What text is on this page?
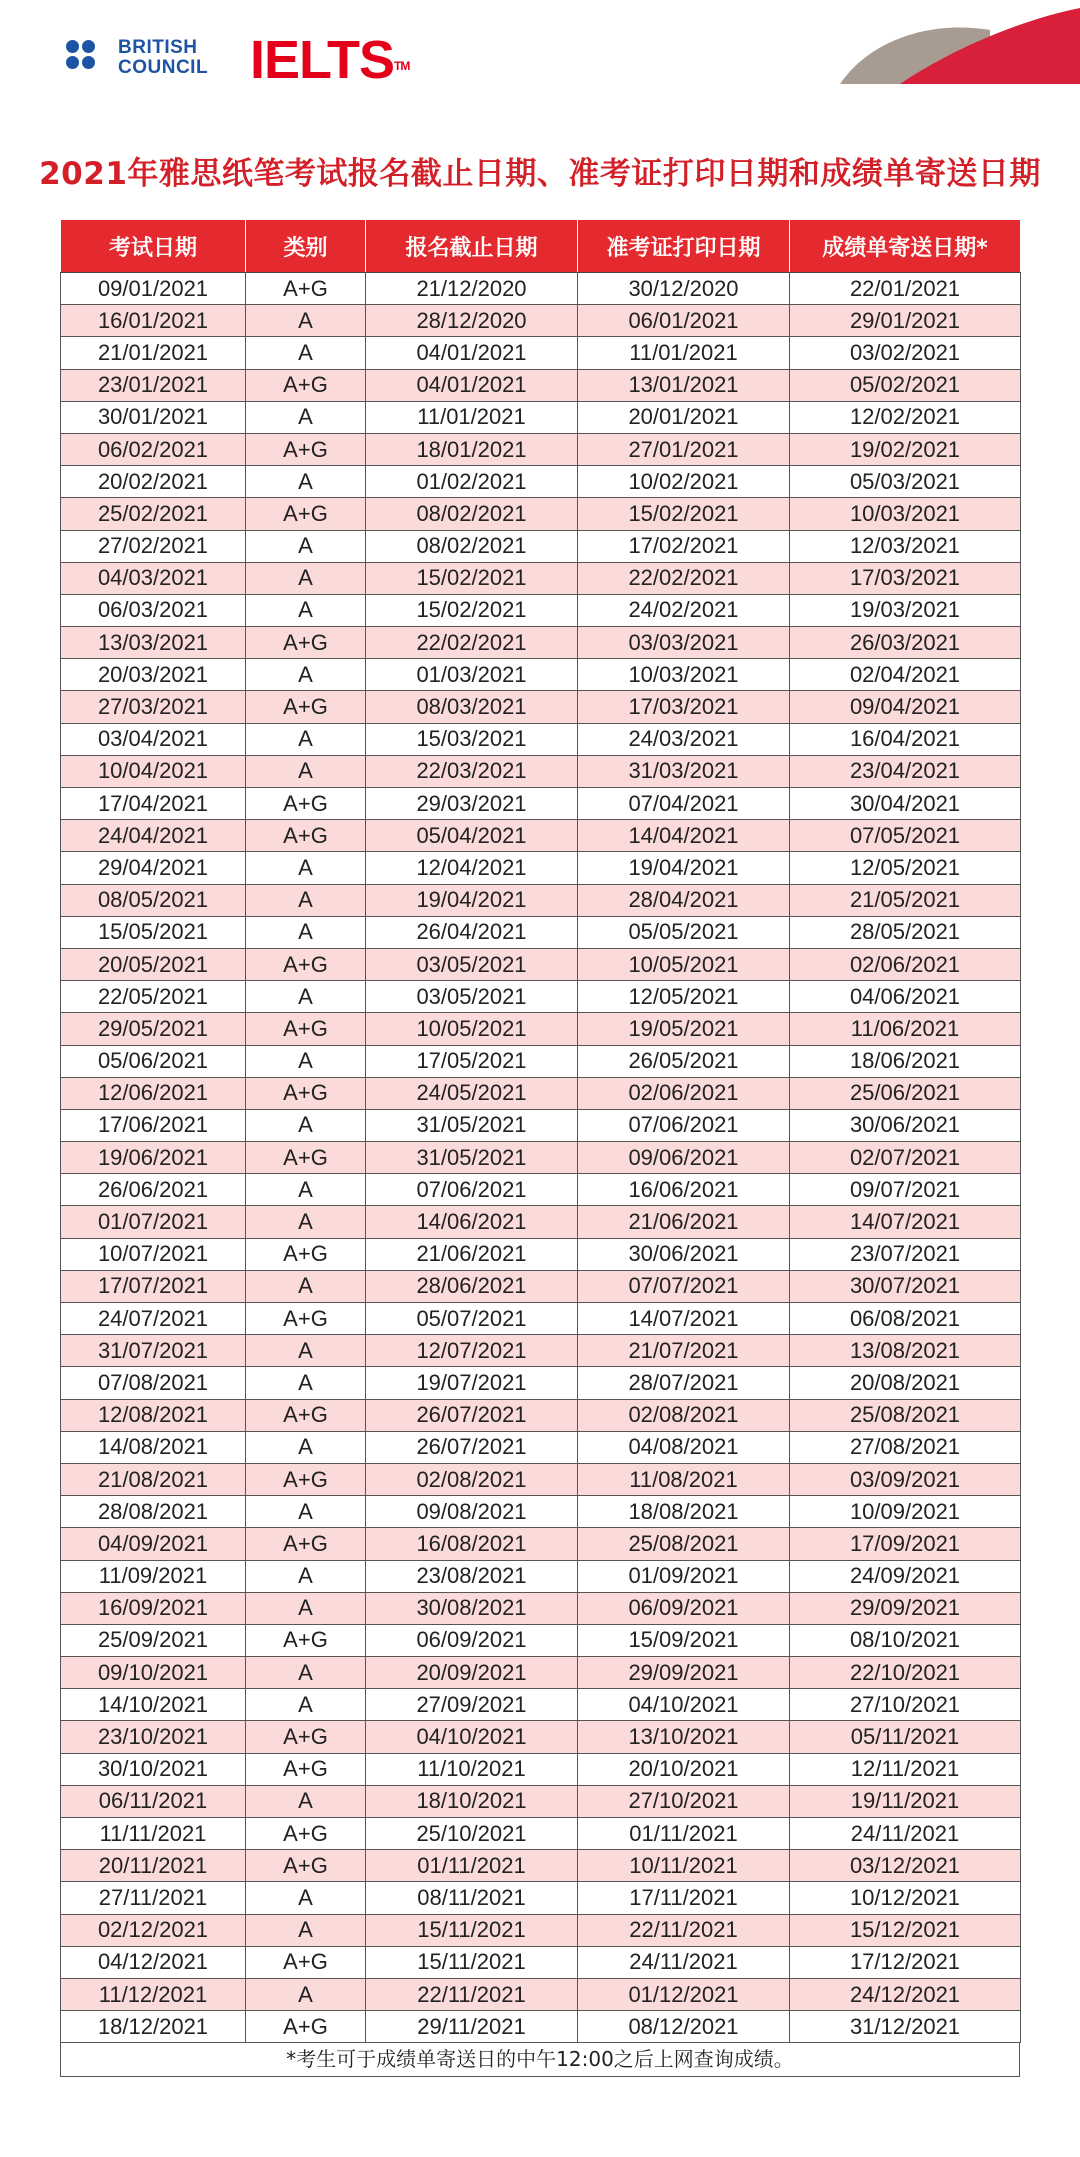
BRITISH
COUNCIL IELTS™
2021年雅思纸笔考试报名截止日期、准考证打印日期和成绩单寄送日期
考试日期	类别	报名截止日期	准考证打印日期	成绩单寄送日期*
09/01/2021	A+G	21/12/2020	30/12/2020	22/01/2021
16/01/2021	A	28/12/2020	06/01/2021	29/01/2021
21/01/2021	A	04/01/2021	11/01/2021	03/02/2021
23/01/2021	A+G	04/01/2021	13/01/2021	05/02/2021
30/01/2021	A	11/01/2021	20/01/2021	12/02/2021
06/02/2021	A+G	18/01/2021	27/01/2021	19/02/2021
20/02/2021	A	01/02/2021	10/02/2021	05/03/2021
25/02/2021	A+G	08/02/2021	15/02/2021	10/03/2021
27/02/2021	A	08/02/2021	17/02/2021	12/03/2021
04/03/2021	A	15/02/2021	22/02/2021	17/03/2021
06/03/2021	A	15/02/2021	24/02/2021	19/03/2021
13/03/2021	A+G	22/02/2021	03/03/2021	26/03/2021
20/03/2021	A	01/03/2021	10/03/2021	02/04/2021
27/03/2021	A+G	08/03/2021	17/03/2021	09/04/2021
03/04/2021	A	15/03/2021	24/03/2021	16/04/2021
10/04/2021	A	22/03/2021	31/03/2021	23/04/2021
17/04/2021	A+G	29/03/2021	07/04/2021	30/04/2021
24/04/2021	A+G	05/04/2021	14/04/2021	07/05/2021
29/04/2021	A	12/04/2021	19/04/2021	12/05/2021
08/05/2021	A	19/04/2021	28/04/2021	21/05/2021
15/05/2021	A	26/04/2021	05/05/2021	28/05/2021
20/05/2021	A+G	03/05/2021	10/05/2021	02/06/2021
22/05/2021	A	03/05/2021	12/05/2021	04/06/2021
29/05/2021	A+G	10/05/2021	19/05/2021	11/06/2021
05/06/2021	A	17/05/2021	26/05/2021	18/06/2021
12/06/2021	A+G	24/05/2021	02/06/2021	25/06/2021
17/06/2021	A	31/05/2021	07/06/2021	30/06/2021
19/06/2021	A+G	31/05/2021	09/06/2021	02/07/2021
26/06/2021	A	07/06/2021	16/06/2021	09/07/2021
01/07/2021	A	14/06/2021	21/06/2021	14/07/2021
10/07/2021	A+G	21/06/2021	30/06/2021	23/07/2021
17/07/2021	A	28/06/2021	07/07/2021	30/07/2021
24/07/2021	A+G	05/07/2021	14/07/2021	06/08/2021
31/07/2021	A	12/07/2021	21/07/2021	13/08/2021
07/08/2021	A	19/07/2021	28/07/2021	20/08/2021
12/08/2021	A+G	26/07/2021	02/08/2021	25/08/2021
14/08/2021	A	26/07/2021	04/08/2021	27/08/2021
21/08/2021	A+G	02/08/2021	11/08/2021	03/09/2021
28/08/2021	A	09/08/2021	18/08/2021	10/09/2021
04/09/2021	A+G	16/08/2021	25/08/2021	17/09/2021
11/09/2021	A	23/08/2021	01/09/2021	24/09/2021
16/09/2021	A	30/08/2021	06/09/2021	29/09/2021
25/09/2021	A+G	06/09/2021	15/09/2021	08/10/2021
09/10/2021	A	20/09/2021	29/09/2021	22/10/2021
14/10/2021	A	27/09/2021	04/10/2021	27/10/2021
23/10/2021	A+G	04/10/2021	13/10/2021	05/11/2021
30/10/2021	A+G	11/10/2021	20/10/2021	12/11/2021
06/11/2021	A	18/10/2021	27/10/2021	19/11/2021
11/11/2021	A+G	25/10/2021	01/11/2021	24/11/2021
20/11/2021	A+G	01/11/2021	10/11/2021	03/12/2021
27/11/2021	A	08/11/2021	17/11/2021	10/12/2021
02/12/2021	A	15/11/2021	22/11/2021	15/12/2021
04/12/2021	A+G	15/11/2021	24/11/2021	17/12/2021
11/12/2021	A	22/11/2021	01/12/2021	24/12/2021
18/12/2021	A+G	29/11/2021	08/12/2021	31/12/2021
*考生可于成绩单寄送日的中午12:00之后上网查询成绩。
